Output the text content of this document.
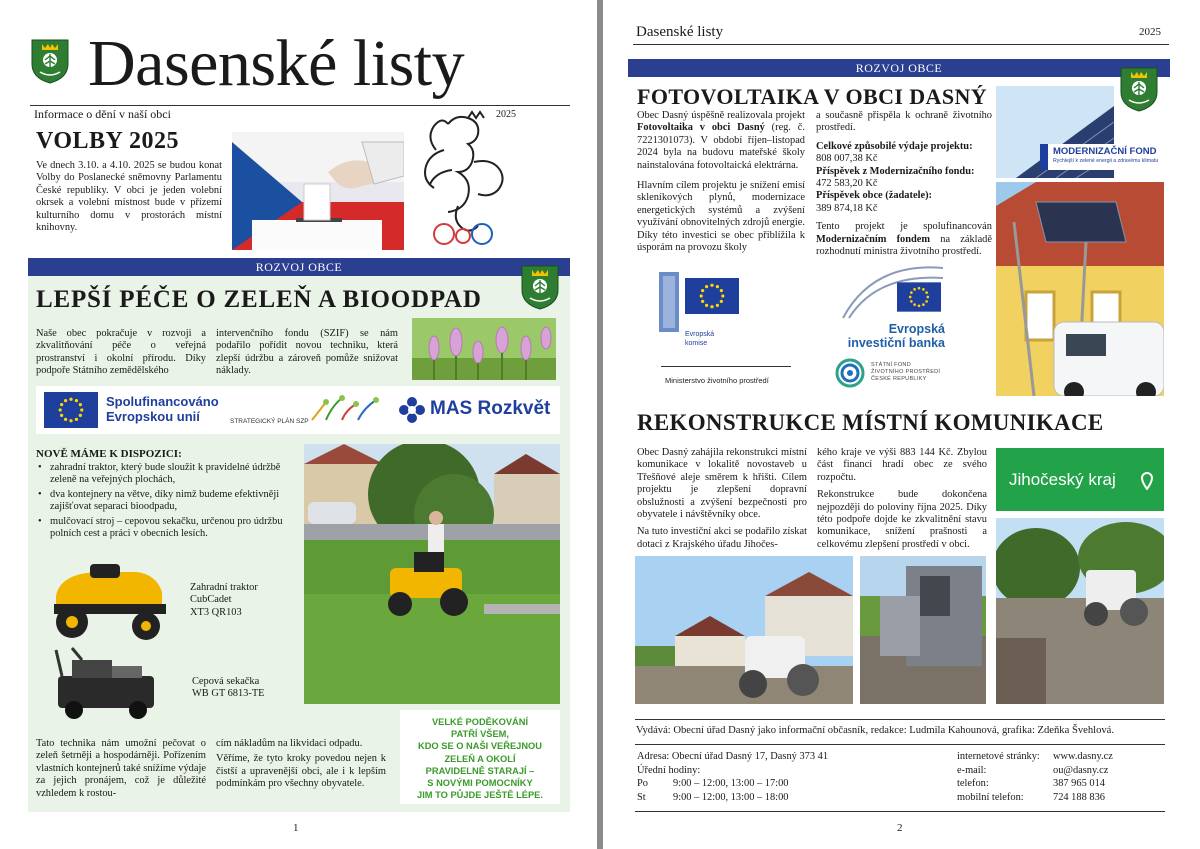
Dasenské listy
Informace o dění v naší obci	2025
VOLBY 2025
Ve dnech 3.10. a 4.10. 2025 se budou konat Volby do Poslanecké sněmovny Parlamentu České republiky. V obci je jeden volební okrsek a volební místnost bude v přízemí kulturního domu v prostorách místní knihovny.
ROZVOJ OBCE
LEPŠÍ PÉČE O ZELEŇ A BIOODPAD
Naše obec pokračuje v rozvoji a zkvalitňování péče o veřejná prostranství i okolní přírodu. Díky podpoře Státního zemědělského
intervenčního fondu (SZIF) se nám podařilo pořídit novou techniku, která zlepší údržbu a zároveň pomůže snižovat náklady.
Spolufinancováno
Evropskou unií	STRATEGICKÝ PLÁN SZP
MAS Rozkvět
NOVĚ MÁME K DISPOZICI:
• zahradní traktor, který bude sloužit k pravidelné údržbě zeleně na veřejných plochách,
• dva kontejnery na větve, díky nimž budeme efektivněji zajišťovat separaci bioodpadu,
• mulčovací stroj – cepovou sekačku, určenou pro údržbu polních cest a práci v obecních lesích.
Zahradní traktor
CubCadet
XT3 QR103
Cepová sekačka
WB GT 6813-TE
Tato technika nám umožní pečovat o zeleň šetrněji a hospodárněji. Pořízením vlastních kontejnerů také snížíme výdaje za jejich pronájem, což je důležité vzhledem k rostou-
cím nákladům na likvidaci odpadu.
Věříme, že tyto kroky povedou nejen k čistší a upravenější obci, ale i k lepším podmínkám pro všechny obyvatele.
VELKÉ PODĚKOVÁNÍ
PATŘÍ VŠEM,
KDO SE O NAŠI VEŘEJNOU
ZELEŇ A OKOLÍ
PRAVIDELNĚ STARAJÍ –
S NOVÝMI POMOCNÍKY
JIM TO PŮJDE JEŠTĚ LÉPE.
1
Dasenské listy	2025
ROZVOJ OBCE
FOTOVOLTAIKA V OBCI DASNÝ
Obec Dasný úspěšně realizovala projekt Fotovoltaika v obci Dasný (reg. č. 7221301073). V období říjen–listopad 2024 byla na budovu mateřské školy nainstalována fotovoltaická elektrárna.
Hlavním cílem projektu je snížení emisí skleníkových plynů, modernizace energetických systémů a zvýšení využívání obnovitelných zdrojů energie. Díky této investici se obec přiblížila k úsporám na provozu školy
a současně přispěla k ochraně životního prostředí.
Celkové způsobilé výdaje projektu:
808 007,38 Kč
Příspěvek z Modernizačního fondu:
472 583,20 Kč
Příspěvek obce (žadatele):
389 874,18 Kč
Tento projekt je spolufinancován Modernizačním fondem na základě rozhodnutí ministra životního prostředí.
MODERNIZAČNÍ FOND
Rychlejší k zelené energii a zdravému klimatu
Evropská
komise
Ministerstvo životního prostředí
Evropská
investiční banka
STÁTNÍ FOND
ŽIVOTNÍHO PROSTŘEDÍ
ČESKÉ REPUBLIKY
REKONSTRUKCE MÍSTNÍ KOMUNIKACE
Obec Dasný zahájila rekonstrukci místní komunikace v lokalitě novostaveb u Třešňové aleje směrem k hřišti. Cílem projektu je zlepšení dopravní obslužnosti a zvýšení bezpečnosti pro obyvatele i návštěvníky obce.
Na tuto investiční akci se podařilo získat dotaci z Krajského úřadu Jihočes-
kého kraje ve výši 883 144 Kč. Zbylou část financí hradí obec ze svého rozpočtu.
Rekonstrukce bude dokončena nejpozději do poloviny října 2025. Díky této podpoře dojde ke zkvalitnění stavu komunikace, snížení prašnosti a celkovému zlepšení prostředí v obci.
Jihočeský kraj
Vydává: Obecní úřad Dasný jako informační občasník, redakce: Ludmila Kahounová, grafika: Zdeňka Švehlová.
Adresa: Obecní úřad Dasný 17, Dasný 373 41	
Úřední hodiny:	
Po	9:00 – 12:00, 13:00 – 17:00
St	9:00 – 12:00, 13:00 – 18:00
internetové stránky:	www.dasny.cz
e-mail:	ou@dasny.cz
telefon:	387 965 014
mobilní telefon:	724 188 836
2
